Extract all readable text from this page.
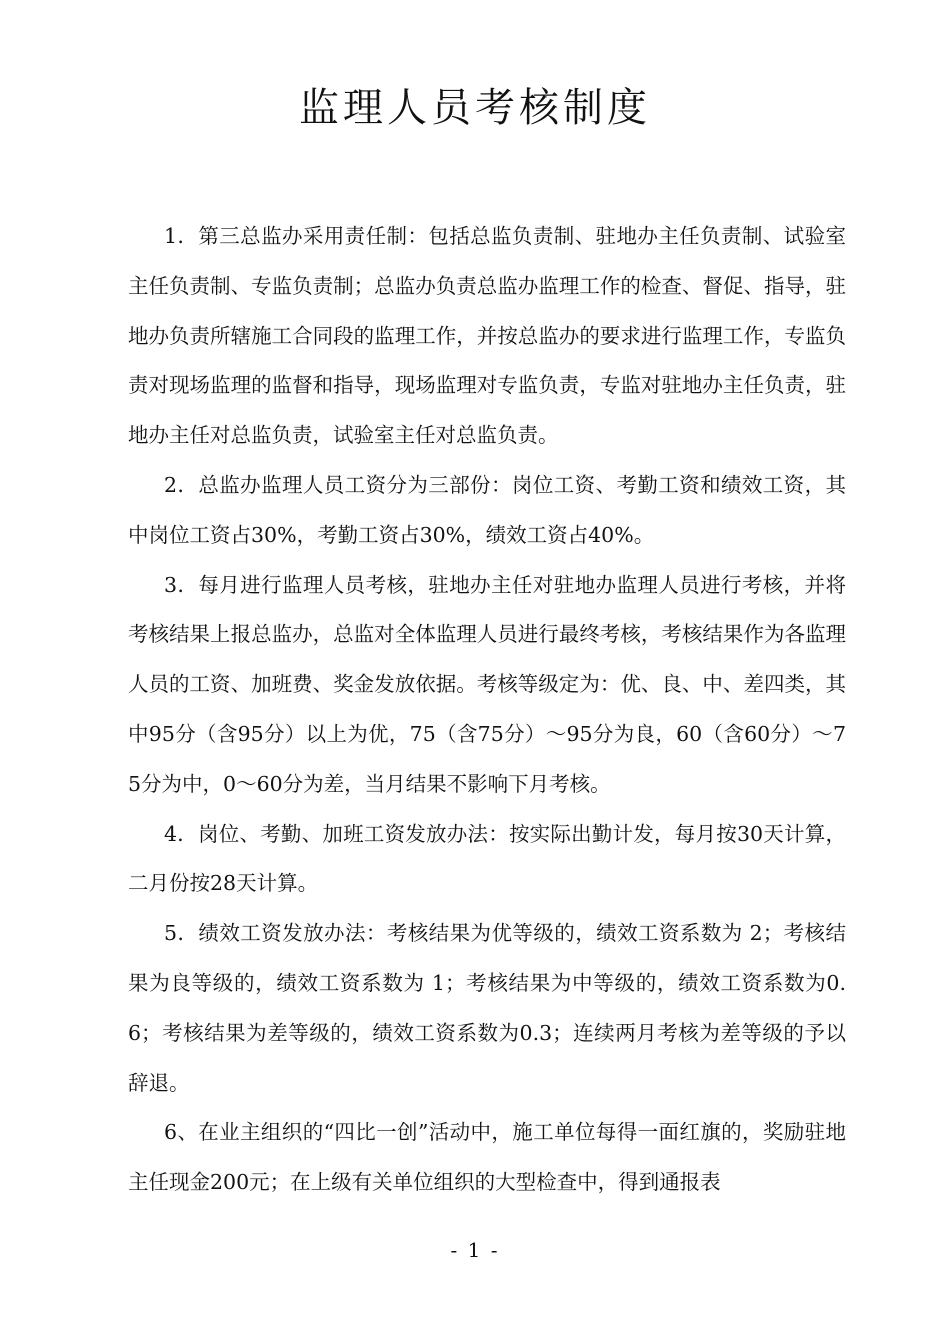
监理人员考核制度

1．第三总监办采用责任制：包括总监负责制、驻地办主任负责制、试验室主任负责制、专监负责制；总监办负责总监办监理工作的检查、督促、指导，驻地办负责所辖施工合同段的监理工作，并按总监办的要求进行监理工作，专监负责对现场监理的监督和指导，现场监理对专监负责，专监对驻地办主任负责，驻地办主任对总监负责，试验室主任对总监负责。

2．总监办监理人员工资分为三部份：岗位工资、考勤工资和绩效工资，其中岗位工资占30%，考勤工资占30%，绩效工资占40%。

3．每月进行监理人员考核，驻地办主任对驻地办监理人员进行考核，并将考核结果上报总监办，总监对全体监理人员进行最终考核，考核结果作为各监理人员的工资、加班费、奖金发放依据。考核等级定为：优、良、中、差四类，其中95分（含95分）以上为优，75（含75分）～95分为良，60（含60分）～75分为中，0～60分为差，当月结果不影响下月考核。

4．岗位、考勤、加班工资发放办法：按实际出勤计发，每月按30天计算，二月份按28天计算。

5．绩效工资发放办法：考核结果为优等级的，绩效工资系数为 2；考核结果为良等级的，绩效工资系数为 1；考核结果为中等级的，绩效工资系数为0.6；考核结果为差等级的，绩效工资系数为0.3；连续两月考核为差等级的予以辞退。

6、在业主组织的“四比一创”活动中，施工单位每得一面红旗的，奖励驻地主任现金200元；在上级有关单位组织的大型检查中，得到通报表

- 1 -
